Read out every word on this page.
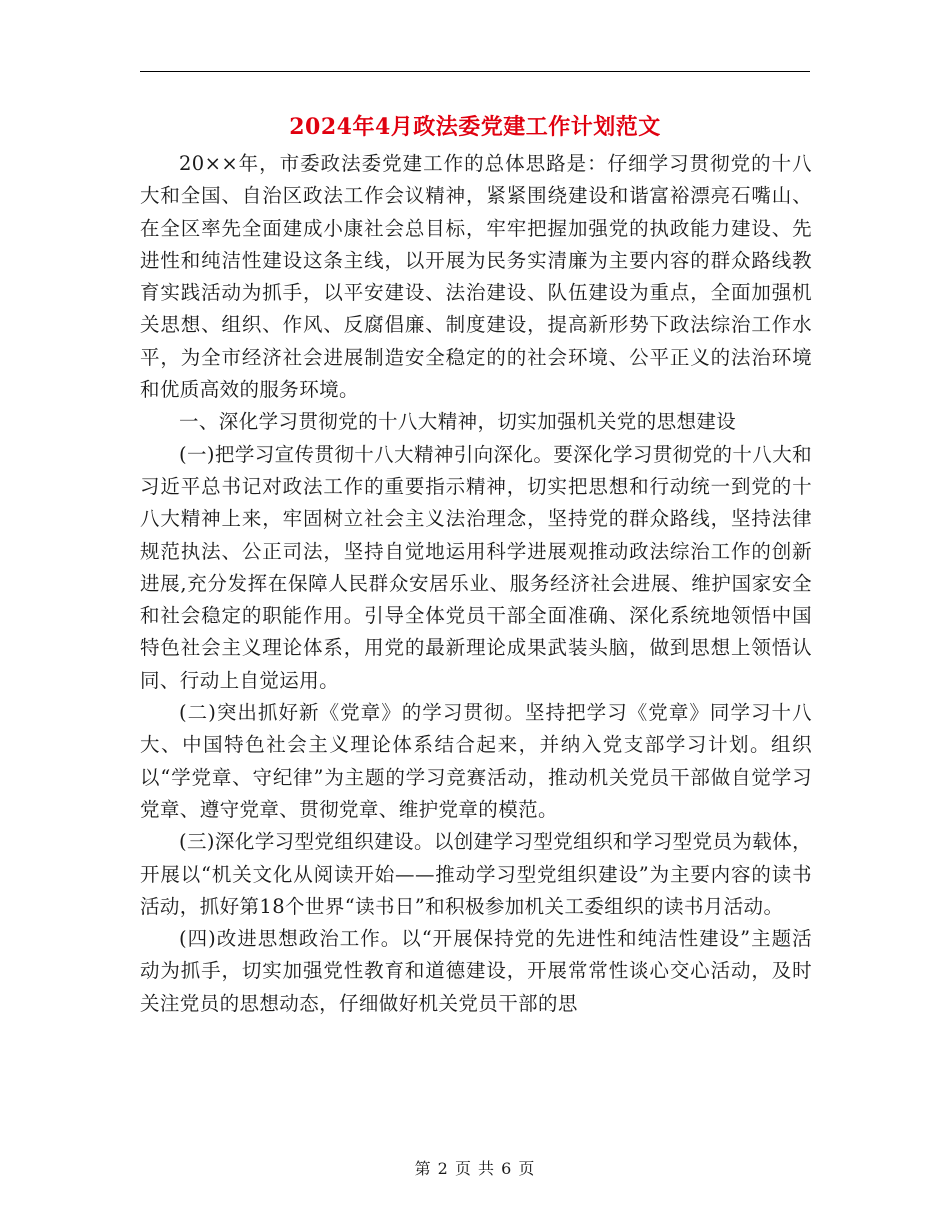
2024年4月政法委党建工作计划范文

20××年，市委政法委党建工作的总体思路是：仔细学习贯彻党的十八大和全国、自治区政法工作会议精神，紧紧围绕建设和谐富裕漂亮石嘴山、在全区率先全面建成小康社会总目标，牢牢把握加强党的执政能力建设、先进性和纯洁性建设这条主线，以开展为民务实清廉为主要内容的群众路线教育实践活动为抓手，以平安建设、法治建设、队伍建设为重点，全面加强机关思想、组织、作风、反腐倡廉、制度建设，提高新形势下政法综治工作水平，为全市经济社会进展制造安全稳定的的社会环境、公平正义的法治环境和优质高效的服务环境。

一、深化学习贯彻党的十八大精神，切实加强机关党的思想建设

(一)把学习宣传贯彻十八大精神引向深化。要深化学习贯彻党的十八大和习近平总书记对政法工作的重要指示精神，切实把思想和行动统一到党的十八大精神上来，牢固树立社会主义法治理念，坚持党的群众路线，坚持法律规范执法、公正司法，坚持自觉地运用科学进展观推动政法综治工作的创新进展,充分发挥在保障人民群众安居乐业、服务经济社会进展、维护国家安全和社会稳定的职能作用。引导全体党员干部全面准确、深化系统地领悟中国特色社会主义理论体系，用党的最新理论成果武装头脑，做到思想上领悟认同、行动上自觉运用。

(二)突出抓好新《党章》的学习贯彻。坚持把学习《党章》同学习十八大、中国特色社会主义理论体系结合起来，并纳入党支部学习计划。组织以“学党章、守纪律”为主题的学习竞赛活动，推动机关党员干部做自觉学习党章、遵守党章、贯彻党章、维护党章的模范。

(三)深化学习型党组织建设。以创建学习型党组织和学习型党员为载体，开展以“机关文化从阅读开始——推动学习型党组织建设”为主要内容的读书活动，抓好第18个世界“读书日”和积极参加机关工委组织的读书月活动。

(四)改进思想政治工作。以“开展保持党的先进性和纯洁性建设”主题活动为抓手，切实加强党性教育和道德建设，开展常常性谈心交心活动，及时关注党员的思想动态，仔细做好机关党员干部的思

第 2 页 共 6 页
